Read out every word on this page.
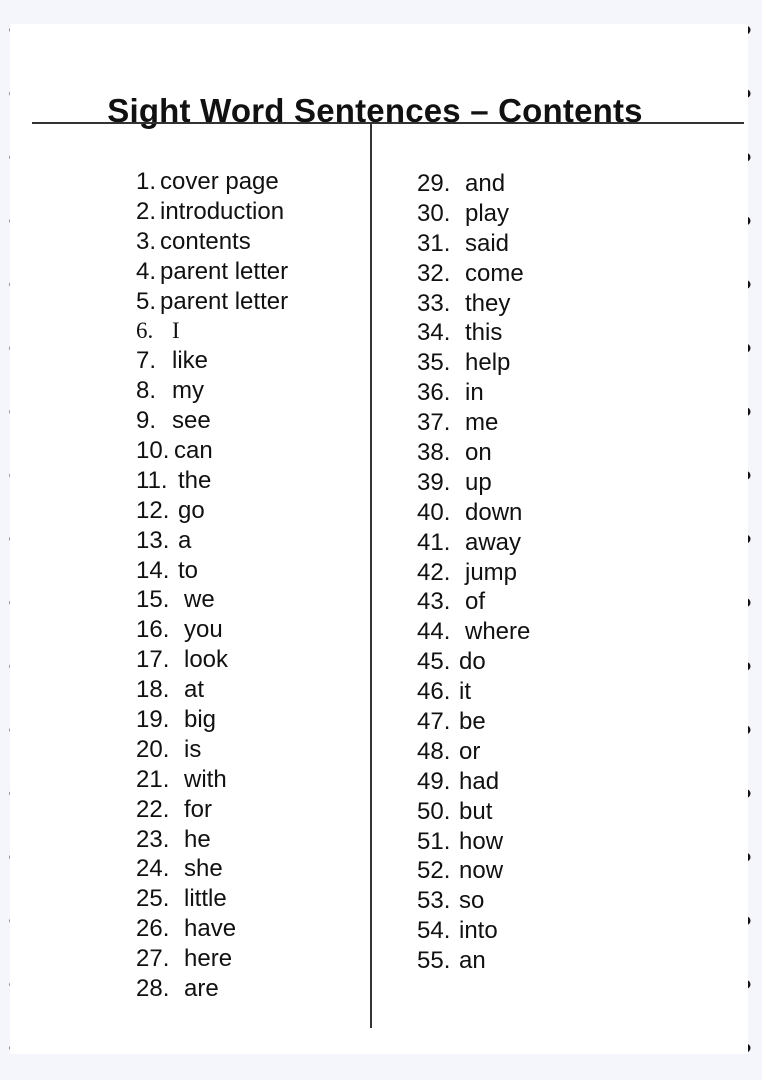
Sight Word Sentences – Contents
1. cover page
2. introduction
3. contents
4. parent letter
5. parent letter
6. I
7. like
8. my
9. see
10. can
11. the
12. go
13. a
14. to
15. we
16. you
17. look
18. at
19. big
20. is
21. with
22. for
23. he
24. she
25. little
26. have
27. here
28. are
29. and
30. play
31. said
32. come
33. they
34. this
35. help
36. in
37. me
38. on
39. up
40. down
41. away
42. jump
43. of
44. where
45. do
46. it
47. be
48. or
49. had
50. but
51. how
52. now
53. so
54. into
55. an
